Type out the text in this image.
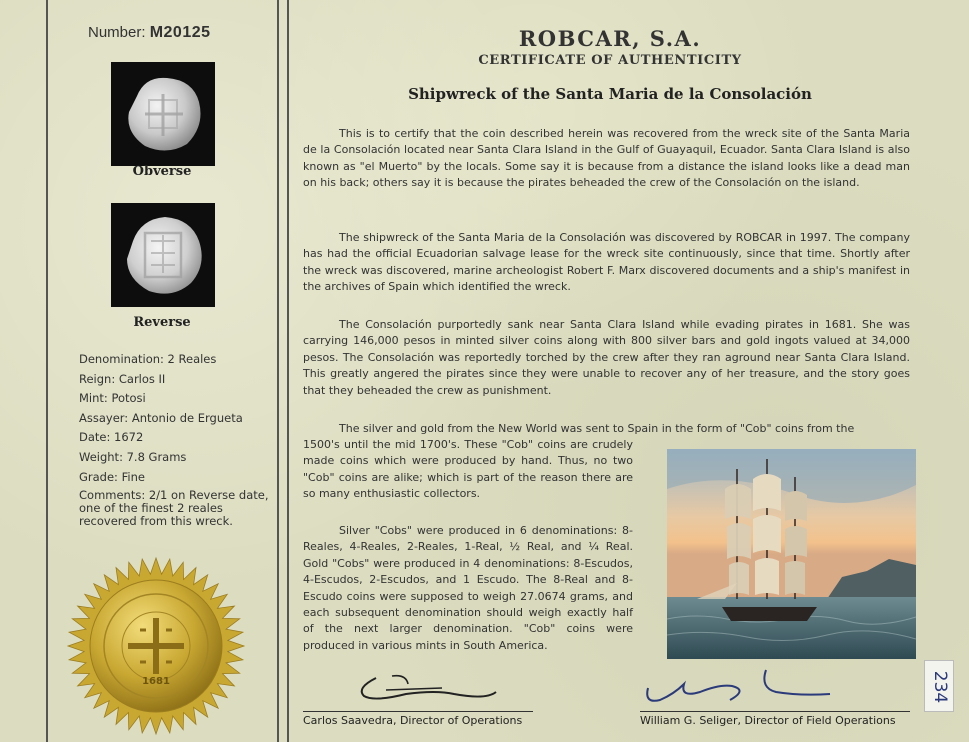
Number: M20125
Obverse
Reverse
Denomination: 2 Reales
Reign: Carlos II
Mint: Potosi
Assayer: Antonio de Ergueta
Date: 1672
Weight: 7.8 Grams
Grade: Fine
Comments: 2/1 on Reverse date, one of the finest 2 reales recovered from this wreck.
1681
ROBCAR, S.A.
CERTIFICATE OF AUTHENTICITY
Shipwreck of the Santa Maria de la Consolación

This is to certify that the coin described herein was recovered from the wreck site of the Santa Maria de la Consolación located near Santa Clara Island in the Gulf of Guayaquil, Ecuador. Santa Clara Island is also known as "el Muerto" by the locals. Some say it is because from a distance the island looks like a dead man on his back; others say it is because the pirates beheaded the crew of the Consolación on the island.

The shipwreck of the Santa Maria de la Consolación was discovered by ROBCAR in 1997. The company has had the official Ecuadorian salvage lease for the wreck site continuously, since that time. Shortly after the wreck was discovered, marine archeologist Robert F. Marx discovered documents and a ship's manifest in the archives of Spain which identified the wreck.

The Consolación purportedly sank near Santa Clara Island while evading pirates in 1681. She was carrying 146,000 pesos in minted silver coins along with 800 silver bars and gold ingots valued at 34,000 pesos. The Consolación was reportedly torched by the crew after they ran aground near Santa Clara Island. This greatly angered the pirates since they were unable to recover any of her treasure, and the story goes that they beheaded the crew as punishment.

The silver and gold from the New World was sent to Spain in the form of "Cob" coins from the

1500's until the mid 1700's. These "Cob" coins are crudely made coins which were produced by hand. Thus, no two "Cob" coins are alike; which is part of the reason there are so many enthusiastic collectors.

Silver "Cobs" were produced in 6 denominations: 8-Reales, 4-Reales, 2-Reales, 1-Real, ½ Real, and ¼ Real. Gold "Cobs" were produced in 4 denominations: 8-Escudos, 4-Escudos, 2-Escudos, and 1 Escudo. The 8-Real and 8-Escudo coins were supposed to weigh 27.0674 grams, and each subsequent denomination should weigh exactly half of the next larger denomination. "Cob" coins were produced in various mints in South America.

Carlos Saavedra, Director of Operations	William G. Seliger, Director of Field Operations
234
